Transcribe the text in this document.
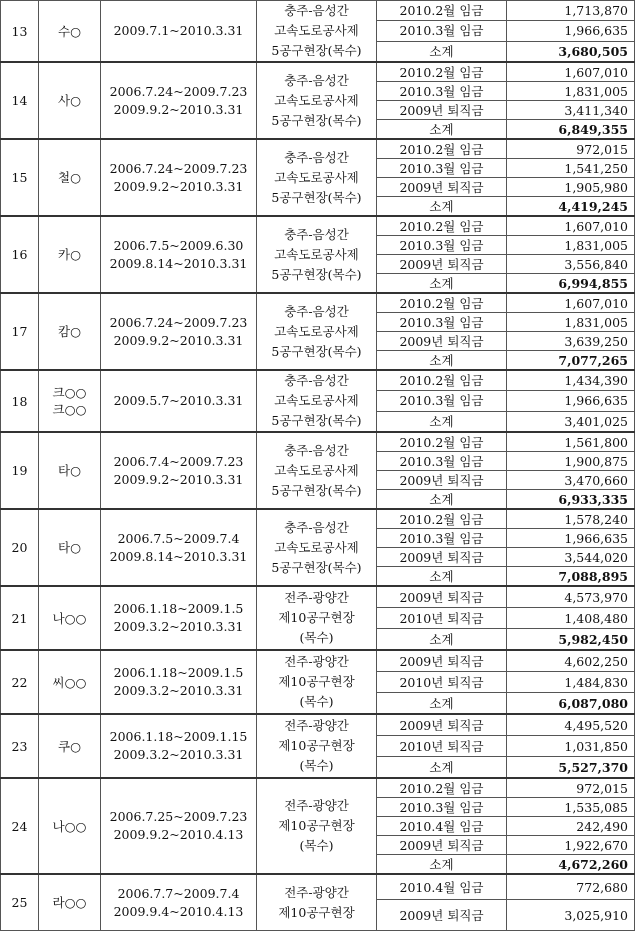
13	수○	2009.7.1~2010.3.31	충주-음성간
고속도로공사제
5공구현장(목수)	2010.2월 임금	1,713,870
				2010.3월 임금	1,966,635
				소계	3,680,505
14	사○	2006.7.24~2009.7.23
2009.9.2~2010.3.31	충주-음성간
고속도로공사제
5공구현장(목수)	2010.2월 임금	1,607,010
				2010.3월 임금	1,831,005
				2009년 퇴직금	3,411,340
				소계	6,849,355
15	철○	2006.7.24~2009.7.23
2009.9.2~2010.3.31	충주-음성간
고속도로공사제
5공구현장(목수)	2010.2월 임금	972,015
				2010.3월 임금	1,541,250
				2009년 퇴직금	1,905,980
				소계	4,419,245
16	카○	2006.7.5~2009.6.30
2009.8.14~2010.3.31	충주-음성간
고속도로공사제
5공구현장(목수)	2010.2월 임금	1,607,010
				2010.3월 임금	1,831,005
				2009년 퇴직금	3,556,840
				소계	6,994,855
17	캄○	2006.7.24~2009.7.23
2009.9.2~2010.3.31	충주-음성간
고속도로공사제
5공구현장(목수)	2010.2월 임금	1,607,010
				2010.3월 임금	1,831,005
				2009년 퇴직금	3,639,250
				소계	7,077,265
18	크○○
크○○	2009.5.7~2010.3.31	충주-음성간
고속도로공사제
5공구현장(목수)	2010.2월 임금	1,434,390
				2010.3월 임금	1,966,635
				소계	3,401,025
19	타○	2006.7.4~2009.7.23
2009.9.2~2010.3.31	충주-음성간
고속도로공사제
5공구현장(목수)	2010.2월 임금	1,561,800
				2010.3월 임금	1,900,875
				2009년 퇴직금	3,470,660
				소계	6,933,335
20	타○	2006.7.5~2009.7.4
2009.8.14~2010.3.31	충주-음성간
고속도로공사제
5공구현장(목수)	2010.2월 임금	1,578,240
				2010.3월 임금	1,966,635
				2009년 퇴직금	3,544,020
				소계	7,088,895
21	나○○	2006.1.18~2009.1.5
2009.3.2~2010.3.31	전주-광양간
제10공구현장
(목수)	2009년 퇴직금	4,573,970
				2010년 퇴직금	1,408,480
				소계	5,982,450
22	씨○○	2006.1.18~2009.1.5
2009.3.2~2010.3.31	전주-광양간
제10공구현장
(목수)	2009년 퇴직금	4,602,250
				2010년 퇴직금	1,484,830
				소계	6,087,080
23	쿠○	2006.1.18~2009.1.15
2009.3.2~2010.3.31	전주-광양간
제10공구현장
(목수)	2009년 퇴직금	4,495,520
				2010년 퇴직금	1,031,850
				소계	5,527,370
24	나○○	2006.7.25~2009.7.23
2009.9.2~2010.4.13	전주-광양간
제10공구현장
(목수)	2010.2월 임금	972,015
				2010.3월 임금	1,535,085
				2010.4월 임금	242,490
				2009년 퇴직금	1,922,670
				소계	4,672,260
25	라○○	2006.7.7~2009.7.4
2009.9.4~2010.4.13	전주-광양간
제10공구현장	2010.4월 임금	772,680
				2009년 퇴직금	3,025,910
